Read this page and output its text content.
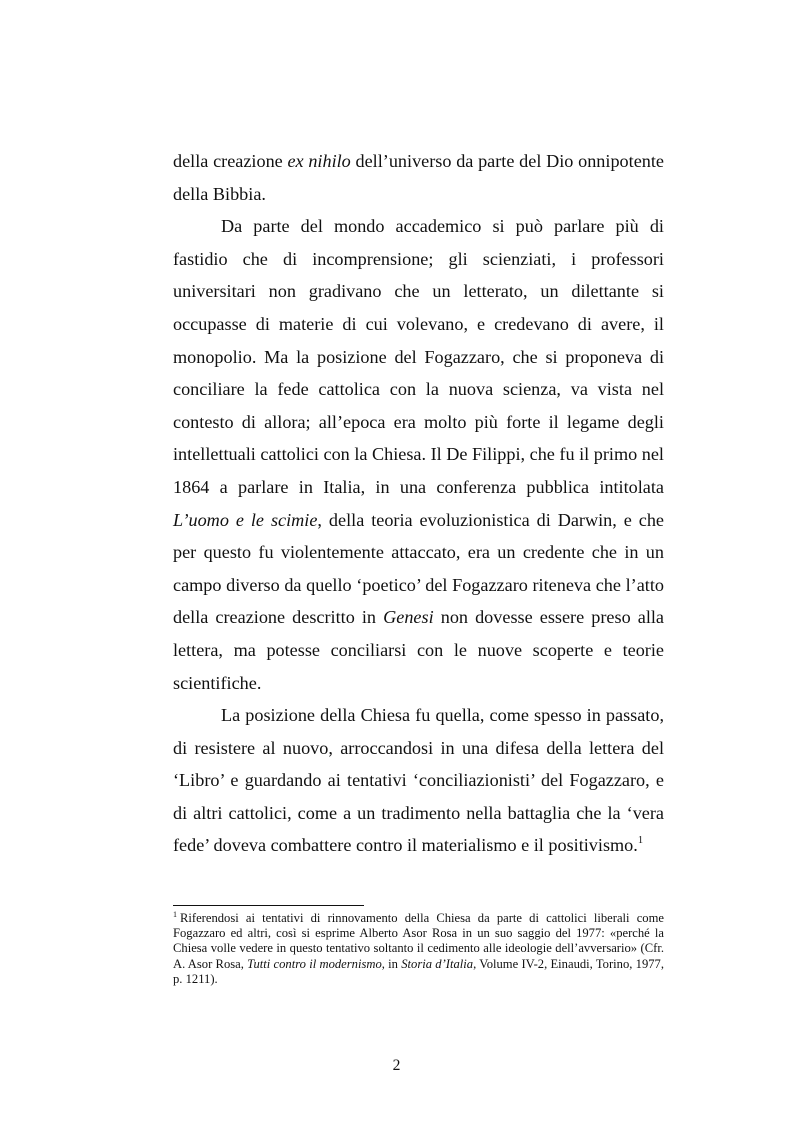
della creazione ex nihilo dell’universo da parte del Dio onnipotente della Bibbia.

Da parte del mondo accademico si può parlare più di fastidio che di incomprensione; gli scienziati, i professori universitari non gradivano che un letterato, un dilettante si occupasse di materie di cui volevano, e credevano di avere, il monopolio. Ma la posizione del Fogazzaro, che si proponeva di conciliare la fede cattolica con la nuova scienza, va vista nel contesto di allora; all’epoca era molto più forte il legame degli intellettuali cattolici con la Chiesa. Il De Filippi, che fu il primo nel 1864 a parlare in Italia, in una conferenza pubblica intitolata L’uomo e le scimie, della teoria evoluzionistica di Darwin, e che per questo fu violentemente attaccato, era un credente che in un campo diverso da quello ‘poetico’ del Fogazzaro riteneva che l’atto della creazione descritto in Genesi non dovesse essere preso alla lettera, ma potesse conciliarsi con le nuove scoperte e teorie scientifiche.

La posizione della Chiesa fu quella, come spesso in passato, di resistere al nuovo, arroccandosi in una difesa della lettera del ‘Libro’ e guardando ai tentativi ‘conciliazionisti’ del Fogazzaro, e di altri cattolici, come a un tradimento nella battaglia che la ‘vera fede’ doveva combattere contro il materialismo e il positivismo.$^1$

$^1$ Riferendosi ai tentativi di rinnovamento della Chiesa da parte di cattolici liberali come Fogazzaro ed altri, così si esprime Alberto Asor Rosa in un suo saggio del 1977: «perché la Chiesa volle vedere in questo tentativo soltanto il cedimento alle ideologie dell’avversario» (Cfr. A. Asor Rosa, Tutti contro il modernismo, in Storia d’Italia, Volume IV-2, Einaudi, Torino, 1977, p. 1211).

2
